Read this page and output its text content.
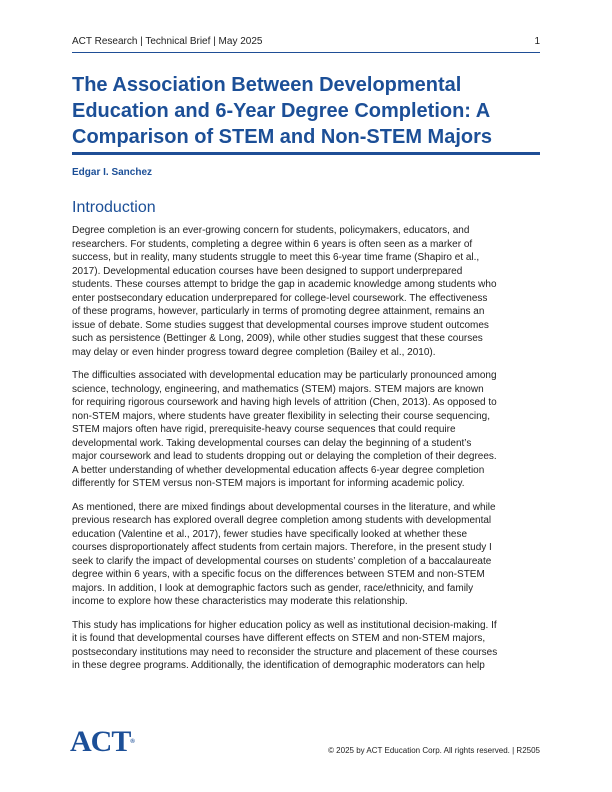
ACT Research | Technical Brief | May 2025	1
The Association Between Developmental Education and 6-Year Degree Completion: A Comparison of STEM and Non-STEM Majors
Edgar I. Sanchez
Introduction

Degree completion is an ever-growing concern for students, policymakers, educators, and
researchers. For students, completing a degree within 6 years is often seen as a marker of
success, but in reality, many students struggle to meet this 6-year time frame (Shapiro et al.,
2017). Developmental education courses have been designed to support underprepared
students. These courses attempt to bridge the gap in academic knowledge among students who
enter postsecondary education underprepared for college-level coursework. The effectiveness
of these programs, however, particularly in terms of promoting degree attainment, remains an
issue of debate. Some studies suggest that developmental courses improve student outcomes
such as persistence (Bettinger & Long, 2009), while other studies suggest that these courses
may delay or even hinder progress toward degree completion (Bailey et al., 2010).

The difficulties associated with developmental education may be particularly pronounced among
science, technology, engineering, and mathematics (STEM) majors. STEM majors are known
for requiring rigorous coursework and having high levels of attrition (Chen, 2013). As opposed to
non-STEM majors, where students have greater flexibility in selecting their course sequencing,
STEM majors often have rigid, prerequisite-heavy course sequences that could require
developmental work. Taking developmental courses can delay the beginning of a student’s
major coursework and lead to students dropping out or delaying the completion of their degrees.
A better understanding of whether developmental education affects 6-year degree completion
differently for STEM versus non-STEM majors is important for informing academic policy.

As mentioned, there are mixed findings about developmental courses in the literature, and while
previous research has explored overall degree completion among students with developmental
education (Valentine et al., 2017), fewer studies have specifically looked at whether these
courses disproportionately affect students from certain majors. Therefore, in the present study I
seek to clarify the impact of developmental courses on students’ completion of a baccalaureate
degree within 6 years, with a specific focus on the differences between STEM and non-STEM
majors. In addition, I look at demographic factors such as gender, race/ethnicity, and family
income to explore how these characteristics may moderate this relationship.

This study has implications for higher education policy as well as institutional decision-making. If
it is found that developmental courses have different effects on STEM and non-STEM majors,
postsecondary institutions may need to reconsider the structure and placement of these courses
in these degree programs. Additionally, the identification of demographic moderators can help

ACT®
© 2025 by ACT Education Corp. All rights reserved. | R2505
